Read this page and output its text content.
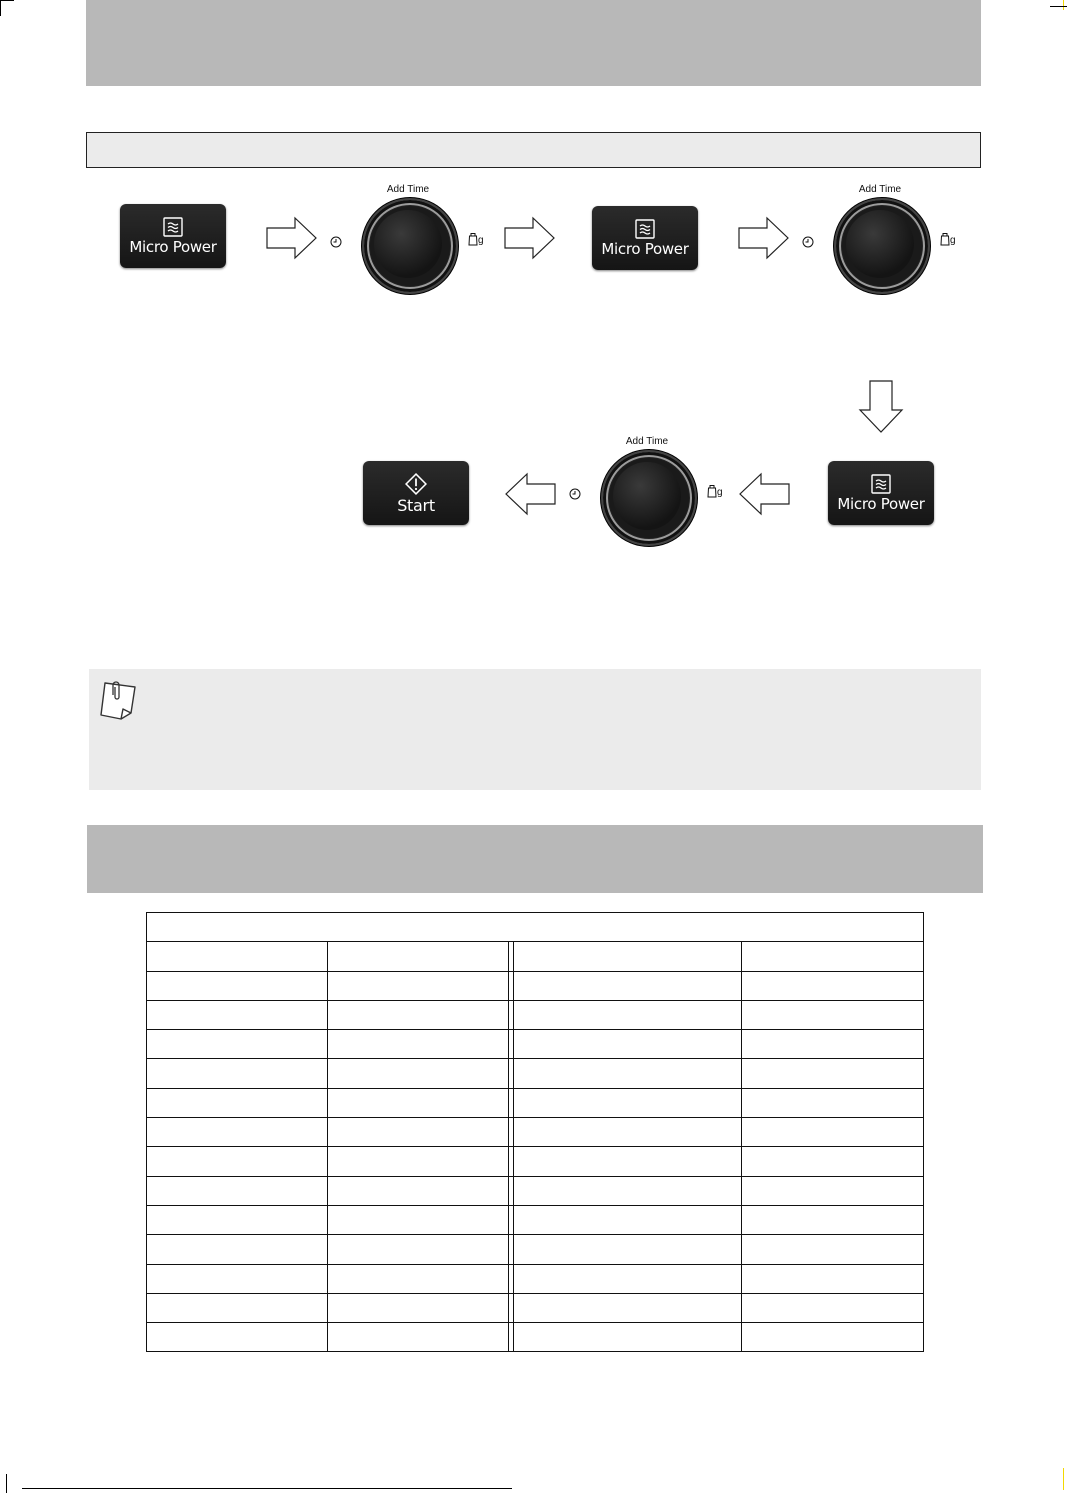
Micro Power
Add Time
g	Micro Power
Add Time
g
Start
Add Time
g
Micro Power
